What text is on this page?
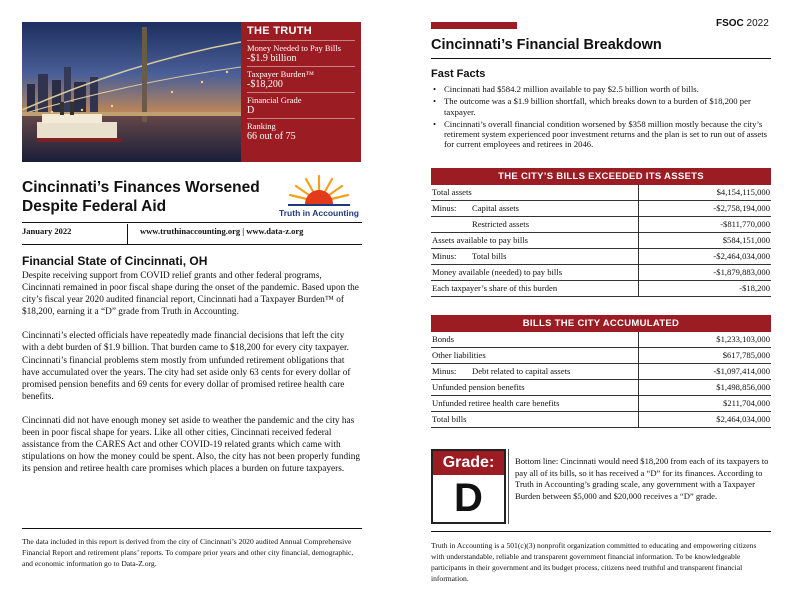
THE TRUTH
Money Needed to Pay Bills
-$1.9 billion
Taxpayer Burden™
-$18,200
Financial Grade
D
Ranking
66 out of 75
Cincinnati’s Finances Worsened Despite Federal Aid	Truth in Accounting
January 2022	www.truthinaccounting.org | www.data-z.org
Financial State of Cincinnati, OH

Despite receiving support from COVID relief grants and other federal programs, Cincinnati remained in poor fiscal shape during the onset of the pandemic. Based upon the city’s fiscal year 2020 audited financial report, Cincinnati had a Taxpayer Burden™ of $18,200, earning it a “D” grade from Truth in Accounting.

Cincinnati’s elected officials have repeatedly made financial decisions that left the city with a debt burden of $1.9 billion. That burden came to $18,200 for every city taxpayer. Cincinnati’s financial problems stem mostly from unfunded retirement obligations that have accumulated over the years. The city had set aside only 63 cents for every dollar of promised pension benefits and 69 cents for every dollar of promised retiree health care benefits.

Cincinnati did not have enough money set aside to weather the pandemic and the city has been in poor fiscal shape for years. Like all other cities, Cincinnati received federal assistance from the CARES Act and other COVID-19 related grants which came with stipulations on how the money could be spent. Also, the city has not been properly funding its pension and retiree health care promises which places a burden on future taxpayers.

The data included in this report is derived from the city of Cincinnati’s 2020 audited Annual Comprehensive Financial Report and retirement plans’ reports. To compare prior years and other city financial, demographic, and economic information go to Data-Z.org.
FSOC 2022
Cincinnati’s Financial Breakdown
Fast Facts
• Cincinnati had $584.2 million available to pay $2.5 billion worth of bills.
• The outcome was a $1.9 billion shortfall, which breaks down to a burden of $18,200 per taxpayer.
• Cincinnati’s overall financial condition worsened by $358 million mostly because the city’s retirement system experienced poor investment returns and the plan is set to run out of assets for current employees and retirees in 2046.
THE CITY’S BILLS EXCEEDED ITS ASSETS
Total assets	$4,154,115,000
Minus: Capital assets	-$2,758,194,000
Restricted assets	-$811,770,000
Assets available to pay bills	$584,151,000
Minus: Total bills	-$2,464,034,000
Money available (needed) to pay bills	-$1,879,883,000
Each taxpayer’s share of this burden	-$18,200
BILLS THE CITY ACCUMULATED
Bonds	$1,233,103,000
Other liabilities	$617,785,000
Minus: Debt related to capital assets	-$1,097,414,000
Unfunded pension benefits	$1,498,856,000
Unfunded retiree health care benefits	$211,704,000
Total bills	$2,464,034,000
Grade:
D
Bottom line: Cincinnati would need $18,200 from each of its taxpayers to pay all of its bills, so it has received a “D” for its finances. According to Truth in Accounting’s grading scale, any government with a Taxpayer Burden between $5,000 and $20,000 receives a “D” grade.
Truth in Accounting is a 501(c)(3) nonprofit organization committed to educating and empowering citizens with understandable, reliable and transparent government financial information. To be knowledgeable participants in their government and its budget process, citizens need truthful and transparent financial information.
